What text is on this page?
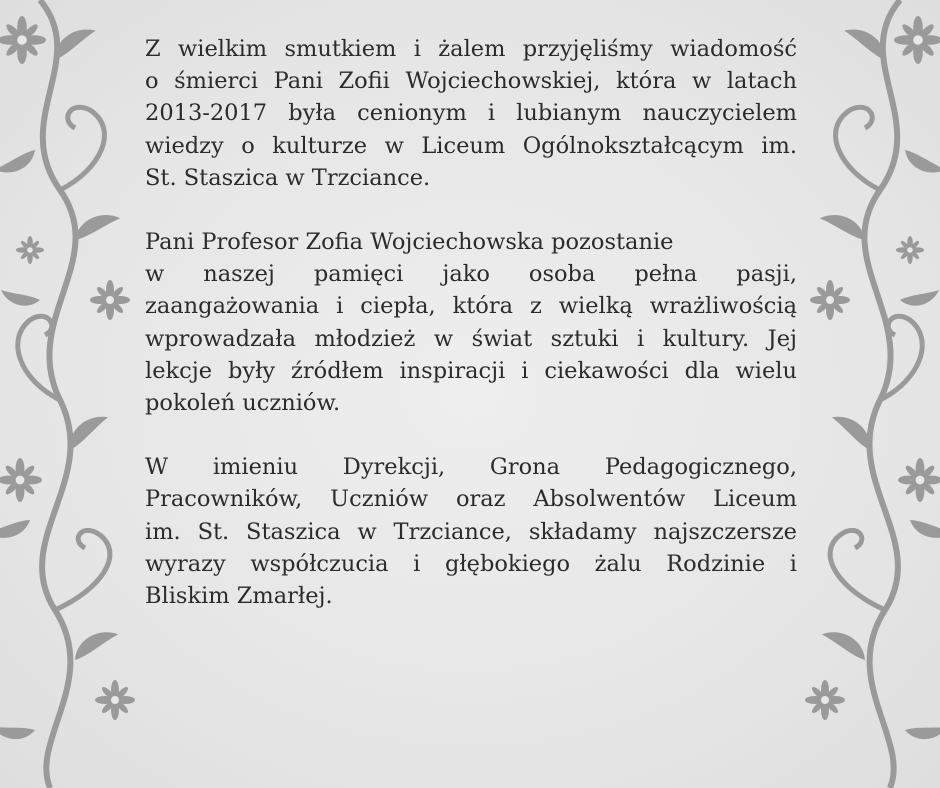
Z wielkim smutkiem i żalem przyjęliśmy wiadomość
o śmierci Pani Zofii Wojciechowskiej, która w latach
2013-2017 była cenionym i lubianym nauczycielem
wiedzy o kulturze w Liceum Ogólnokształcącym im.
St. Staszica w Trzciance.

Pani Profesor Zofia Wojciechowska pozostanie
w naszej pamięci jako osoba pełna pasji,
zaangażowania i ciepła, która z wielką wrażliwością
wprowadzała młodzież w świat sztuki i kultury. Jej
lekcje były źródłem inspiracji i ciekawości dla wielu
pokoleń uczniów.

W imieniu Dyrekcji, Grona Pedagogicznego,
Pracowników, Uczniów oraz Absolwentów Liceum
im. St. Staszica w Trzciance, składamy najszczersze
wyrazy współczucia i głębokiego żalu Rodzinie i
Bliskim Zmarłej.
